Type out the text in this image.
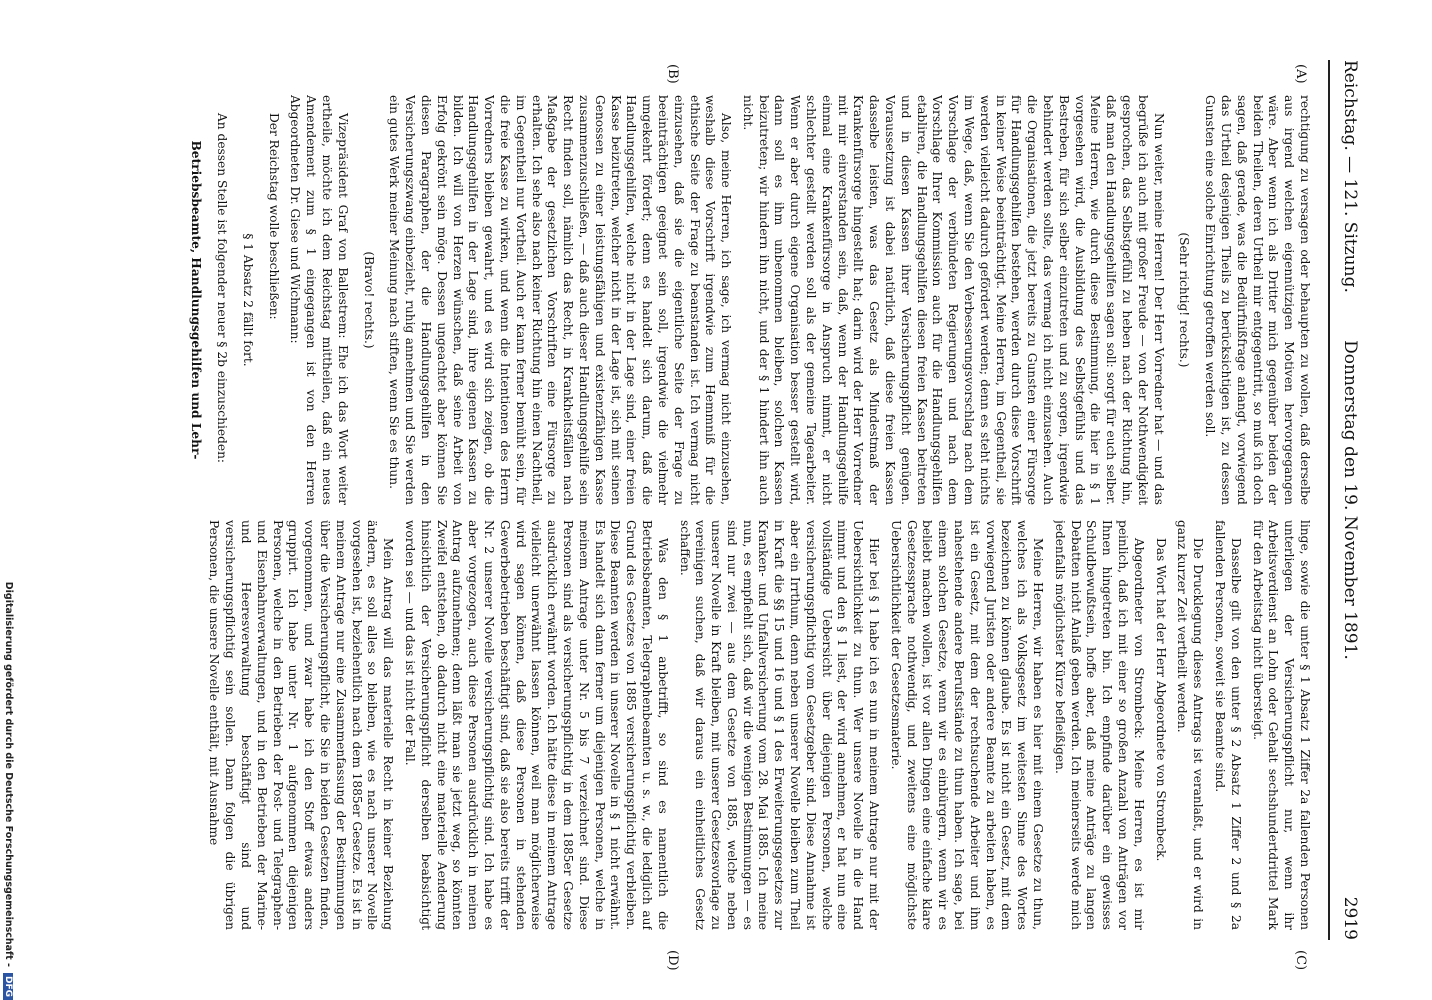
Reichstag. — 121. Sitzung.
Donnerstag den 19. November 1891.
2919
(A)
(B)
(C)
(D)

rechtigung zu versagen oder behaupten zu wollen, daß derselbe aus irgend welchen eigennützigen Motiven hervorgegangen wäre. Aber wenn ich als Dritter mich gegenüber beiden der beiden Theilen, deren Urtheil mir entgegentritt, so muß ich doch sagen, daß gerade, was die Bedürfnißfrage anlangt, vorwiegend das Urtheil desjenigen Theils zu berücksichtigen ist, zu dessen Gunsten eine solche Einrichtung getroffen werden soll.

(Sehr richtig! rechts.)

Nun weiter, meine Herren! Der Herr Vorredner hat — und das begrüße ich auch mit großer Freude — von der Nothwendigkeit gesprochen, das Selbstgefühl zu heben nach der Richtung hin, daß man den Handlungsgehilfen sagen soll: sorgt für euch selber. Meine Herren, wie durch diese Bestimmung, die hier in § 1 vorgesehen wird, die Ausbildung des Selbstgefühls und das Bestreben, für sich selber einzutreten und zu sorgen, irgendwie behindert werden sollte, das vermag ich nicht einzusehen. Auch die Organisationen, die jetzt bereits zu Gunsten einer Fürsorge für Handlungsgehilfen bestehen, werden durch diese Vorschrift in keiner Weise beeinträchtigt. Meine Herren, im Gegentheil, sie werden vielleicht dadurch gefördert werden; denn es steht nichts im Wege, daß, wenn Sie den Verbesserungsvorschlag nach dem Vorschlage der verbündeten Regierungen und nach dem Vorschlage Ihrer Kommission auch für die Handlungsgehilfen etabliren, die Handlungsgehilfen diesen freien Kassen beitreten und in diesen Kassen ihrer Versicherungspflicht genügen. Voraussetzung ist dabei natürlich, daß diese freien Kassen dasselbe leisten, was das Gesetz als Mindestmaß der Krankenfürsorge hingestellt hat; darin wird der Herr Vorredner mit mir einverstanden sein, daß, wenn der Handlungsgehilfe einmal eine Krankenfürsorge in Anspruch nimmt, er nicht schlechter gestellt werden soll als der gemeine Tagearbeiter. Wenn er aber durch eigene Organisation besser gestellt wird, dann soll es ihm unbenommen bleiben, solchen Kassen beizutreten; wir hindern ihn nicht, und der § 1 hindert ihn auch nicht.

Also, meine Herren, ich sage, ich vermag nicht einzusehen, weshalb diese Vorschrift irgendwie zum Hemmniß für die ethische Seite der Frage zu beanstanden ist. Ich vermag nicht einzusehen, daß sie die eigentliche Seite der Frage zu beeinträchtigen geeignet sein soll, irgendwie die vielmehr umgekehrt fördert; denn es handelt sich darum, daß die Handlungsgehilfen, welche nicht in der Lage sind, einer freien Kasse beizutreten, welcher nicht in der Lage ist, sich mit seinen Genossen zu einer leistungsfähigen und existenzfähigen Kasse zusammenzuschließen, — daß auch dieser Handlungsgehilfe sein Recht finden soll, nämlich das Recht, in Krankheitsfällen nach Maßgabe der gesetzlichen Vorschriften eine Fürsorge zu erhalten. Ich sehe also nach keiner Richtung hin einen Nachtheil, im Gegentheil nur Vortheil. Auch er kann ferner bemüht sein, für die freie Kasse zu wirken, und wenn die Intentionen des Herrn Vorredners bleiben gewahrt, und es wird sich zeigen, ob die Handlungsgehilfen in der Lage sind, ihre eigenen Kassen zu bilden. Ich will von Herzen wünschen, daß seine Arbeit von Erfolg gekrönt sein möge. Dessen ungeachtet aber können Sie diesen Paragraphen, der die Handlungsgehilfen in den Versicherungszwang einbezieht, ruhig annehmen und Sie werden ein gutes Werk meiner Meinung nach stiften, wenn Sie es thun.

(Bravo! rechts.)

Vizepräsident Graf von Ballestrem: Ehe ich das Wort weiter ertheile, möchte ich dem Reichstag mittheilen, daß ein neues Amendement zum § 1 eingegangen ist von den Herren Abgeordneten Dr. Giese und Wichmann:

Der Reichstag wolle beschließen:

§ 1 Absatz 2 fällt fort.

An dessen Stelle ist folgender neuer § 2b einzuschieden:

Betriebsbeamte, Handlungsgehilfen und Lehr-

linge, sowie die unter § 1 Absatz 1 Ziffer 2a fallenden Personen unterliegen der Versicherungspflicht nur, wenn ihr Arbeitsverdienst an Lohn oder Gehalt sechshundertdrittel Mark für den Arbeitstag nicht übersteigt.

Dasselbe gilt von den unter § 2 Absatz 1 Ziffer 2 und § 2a fallenden Personen, soweit sie Beamte sind.

Die Drucklegung dieses Antrags ist veranlaßt, und er wird in ganz kurzer Zeit vertheilt werden.

Das Wort hat der Herr Abgeordnete von Strombeck.

Abgeordneter von Strombeck: Meine Herren, es ist mir peinlich, daß ich mit einer so großen Anzahl von Anträgen vor Ihnen hingetreten bin. Ich empfinde darüber ein gewisses Schuldbewußtsein, hoffe aber, daß meine Anträge zu langen Debatten nicht Anlaß geben werden. Ich meinerseits werde mich jedenfalls möglichster Kürze befleißigen.

Meine Herren, wir haben es hier mit einem Gesetze zu thun, welches ich als Volksgesetz im weitesten Sinne des Wortes bezeichnen zu können glaube. Es ist nicht ein Gesetz, mit dem vorwiegend Juristen oder andere Beamte zu arbeiten haben, es ist ein Gesetz, mit dem der rechtsuchende Arbeiter und ihm nahestehende andere Berufsstände zu thun haben. Ich sage, bei einem solchen Gesetze, wenn wir es einbürgern, wenn wir es beliebt machen wollen, ist vor allen Dingen eine einfache klare Gesetzessprache nothwendig, und zweitens eine möglichste Uebersichtlichkeit der Gesetzesmaterie.

Hier bei § 1 habe ich es nun in meinem Antrage nur mit der Uebersichtlichkeit zu thun. Wer unsere Novelle in die Hand nimmt und den § 1 liest, der wird annehmen, er hat nun eine vollständige Uebersicht über diejenigen Personen, welche versicherungspflichtig vom Gesetzgeber sind. Diese Annahme ist aber ein Irrthum, denn neben unserer Novelle bleiben zum Theil in Kraft die §§ 15 und 16 und § 1 des Erweiterungsgesetzes zur Kranken- und Unfallversicherung vom 28. Mai 1885. Ich meine nun, es empfiehlt sich, daß wir die wenigen Bestimmungen — es sind nur zwei — aus dem Gesetze von 1885, welche neben unserer Novelle in Kraft bleiben, mit unserer Gesetzesvorlage zu vereinigen suchen, daß wir daraus ein einheitliches Gesetz schaffen.

Was den § 1 anbetrifft, so sind es namentlich die Betriebsbeamten, Telegraphenbeamten u. s. w., die lediglich auf Grund des Gesetzes von 1885 versicherungspflichtig verbleiben. Diese Beamten werden in unserer Novelle in § 1 nicht erwähnt. Es handelt sich dann ferner um diejenigen Personen, welche in meinem Antrage unter Nr. 5 bis 7 verzeichnet sind. Diese Personen sind als versicherungspflichtig in dem 1885er Gesetze ausdrücklich erwähnt worden. Ich hätte diese in meinem Antrage vielleicht unerwähnt lassen können, weil man möglicherweise wird sagen können, daß diese Personen in stehenden Gewerbebetrieben beschäftigt sind, daß sie also bereits trifft der Nr. 2 unserer Novelle versicherungspflichtig sind. Ich habe es aber vorgezogen, auch diese Personen ausdrücklich in meinen Antrag aufzunehmen; denn läßt man sie jetzt weg, so könnten Zweifel entstehen, ob dadurch nicht eine materielle Aenderung hinsichtlich der Versicherungspflicht derselben beabsichtigt worden sei — und das ist nicht der Fall.

Mein Antrag will das materielle Recht in keiner Beziehung ändern, es soll alles so bleiben, wie es nach unserer Novelle vorgesehen ist, beziehentlich nach dem 1885er Gesetze. Es ist in meinem Antrage nur eine Zusammenfassung der Bestimmungen über die Versicherungspflicht, die Sie in beiden Gesetzen finden, vorgenommen, und zwar habe ich den Stoff etwas anders gruppirt. Ich habe unter Nr. 1 aufgenommen diejenigen Personen, welche in den Betrieben der Post- und Telegraphen- und Eisenbahnverwaltungen, und in den Betrieben der Marine- und Heeresverwaltung beschäftigt sind und versicherungspflichtig sein sollen. Dann folgen die übrigen Personen, die unsere Novelle enthält, mit Ausnahme

Digitalisierung gefördert durch die Deutsche Forschungsgemeinschaft -DFG
